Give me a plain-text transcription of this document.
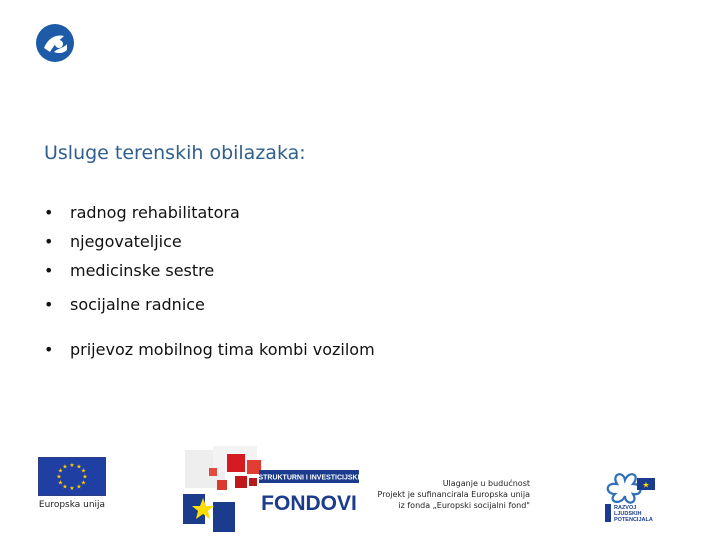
Usluge terenskih obilazaka:
• radnog rehabilitatora
• njegovateljice
• medicinske sestre
• socijalne radnice
• prijevoz mobilnog tima kombi vozilom
★ ★
★
★
★
★
★
★
★
★
★
★
Europska unija
STRUKTURNI I INVESTICIJSKI
FONDOVI
Ulaganje u budućnost
Projekt je sufinancirala Europska unija
iz fonda „Europski socijalni fond"
★
RAZVOJ
LJUDSKIH
POTENCIJALA
